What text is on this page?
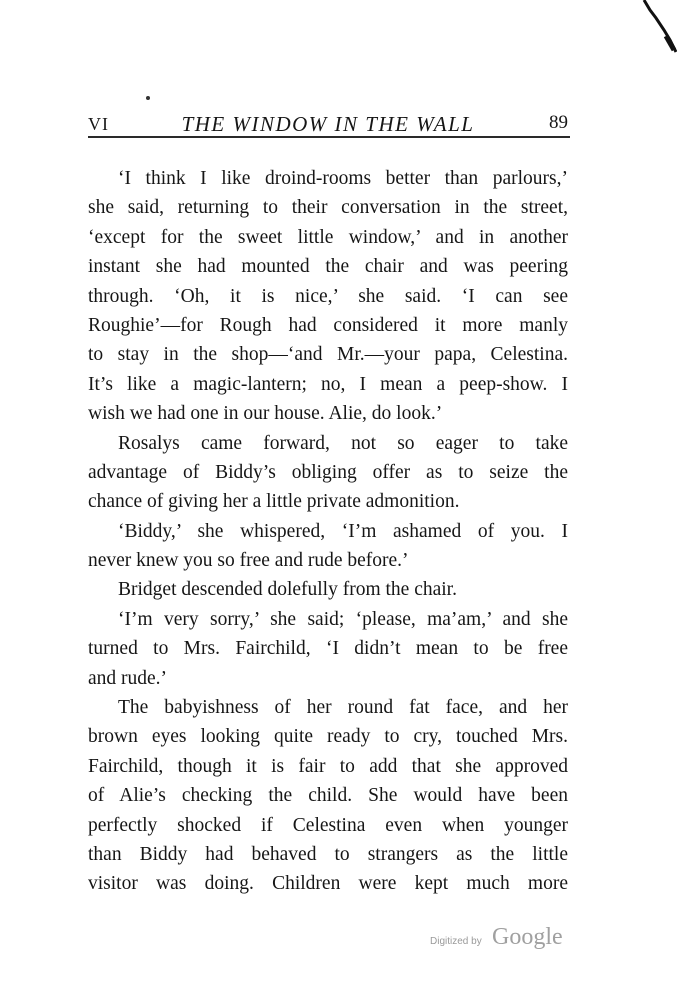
VI	THE WINDOW IN THE WALL	89
‘I think I like droind-rooms better than parlours,’
she said, returning to their conversation in the street,
‘except for the sweet little window,’ and in another
instant she had mounted the chair and was peering
through. ‘Oh, it is nice,’ she said. ‘I can see
Roughie’—for Rough had considered it more manly
to stay in the shop—‘and Mr.—your papa, Celestina.
It’s like a magic-lantern; no, I mean a peep-show. I
wish we had one in our house. Alie, do look.’
Rosalys came forward, not so eager to take
advantage of Biddy’s obliging offer as to seize the
chance of giving her a little private admonition.
‘Biddy,’ she whispered, ‘I’m ashamed of you. I
never knew you so free and rude before.’
Bridget descended dolefully from the chair.
‘I’m very sorry,’ she said; ‘please, ma’am,’ and she
turned to Mrs. Fairchild, ‘I didn’t mean to be free
and rude.’
The babyishness of her round fat face, and her
brown eyes looking quite ready to cry, touched Mrs.
Fairchild, though it is fair to add that she approved
of Alie’s checking the child. She would have been
perfectly shocked if Celestina even when younger
than Biddy had behaved to strangers as the little
visitor was doing. Children were kept much more
Digitized by Google
